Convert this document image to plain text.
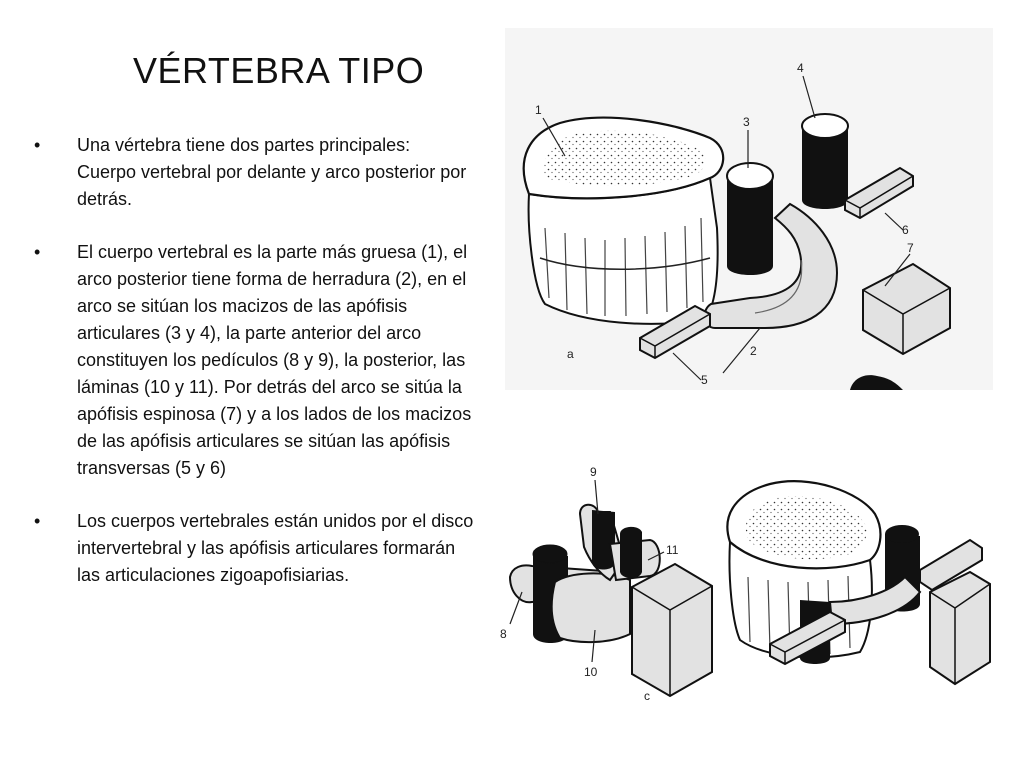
VÉRTEBRA TIPO
• Una vértebra tiene dos partes principales: Cuerpo vertebral por delante y arco posterior por detrás.
• El cuerpo vertebral es la parte más gruesa (1), el arco posterior tiene forma de herradura (2), en el arco se sitúan los macizos de las apófisis articulares (3 y 4), la parte anterior del arco constituyen los pedículos (8 y 9), la posterior, las láminas (10 y 11). Por detrás del arco se sitúa la apófisis espinosa (7) y a los lados de los macizos de las apófisis articulares se sitúan las apófisis transversas (5 y 6)
• Los cuerpos vertebrales están unidos por el disco intervertebral y las apófisis articulares formarán las articulaciones zigoapofisiarias.
1
2
3
4
5
6
7
a
9
11
8
10
c
